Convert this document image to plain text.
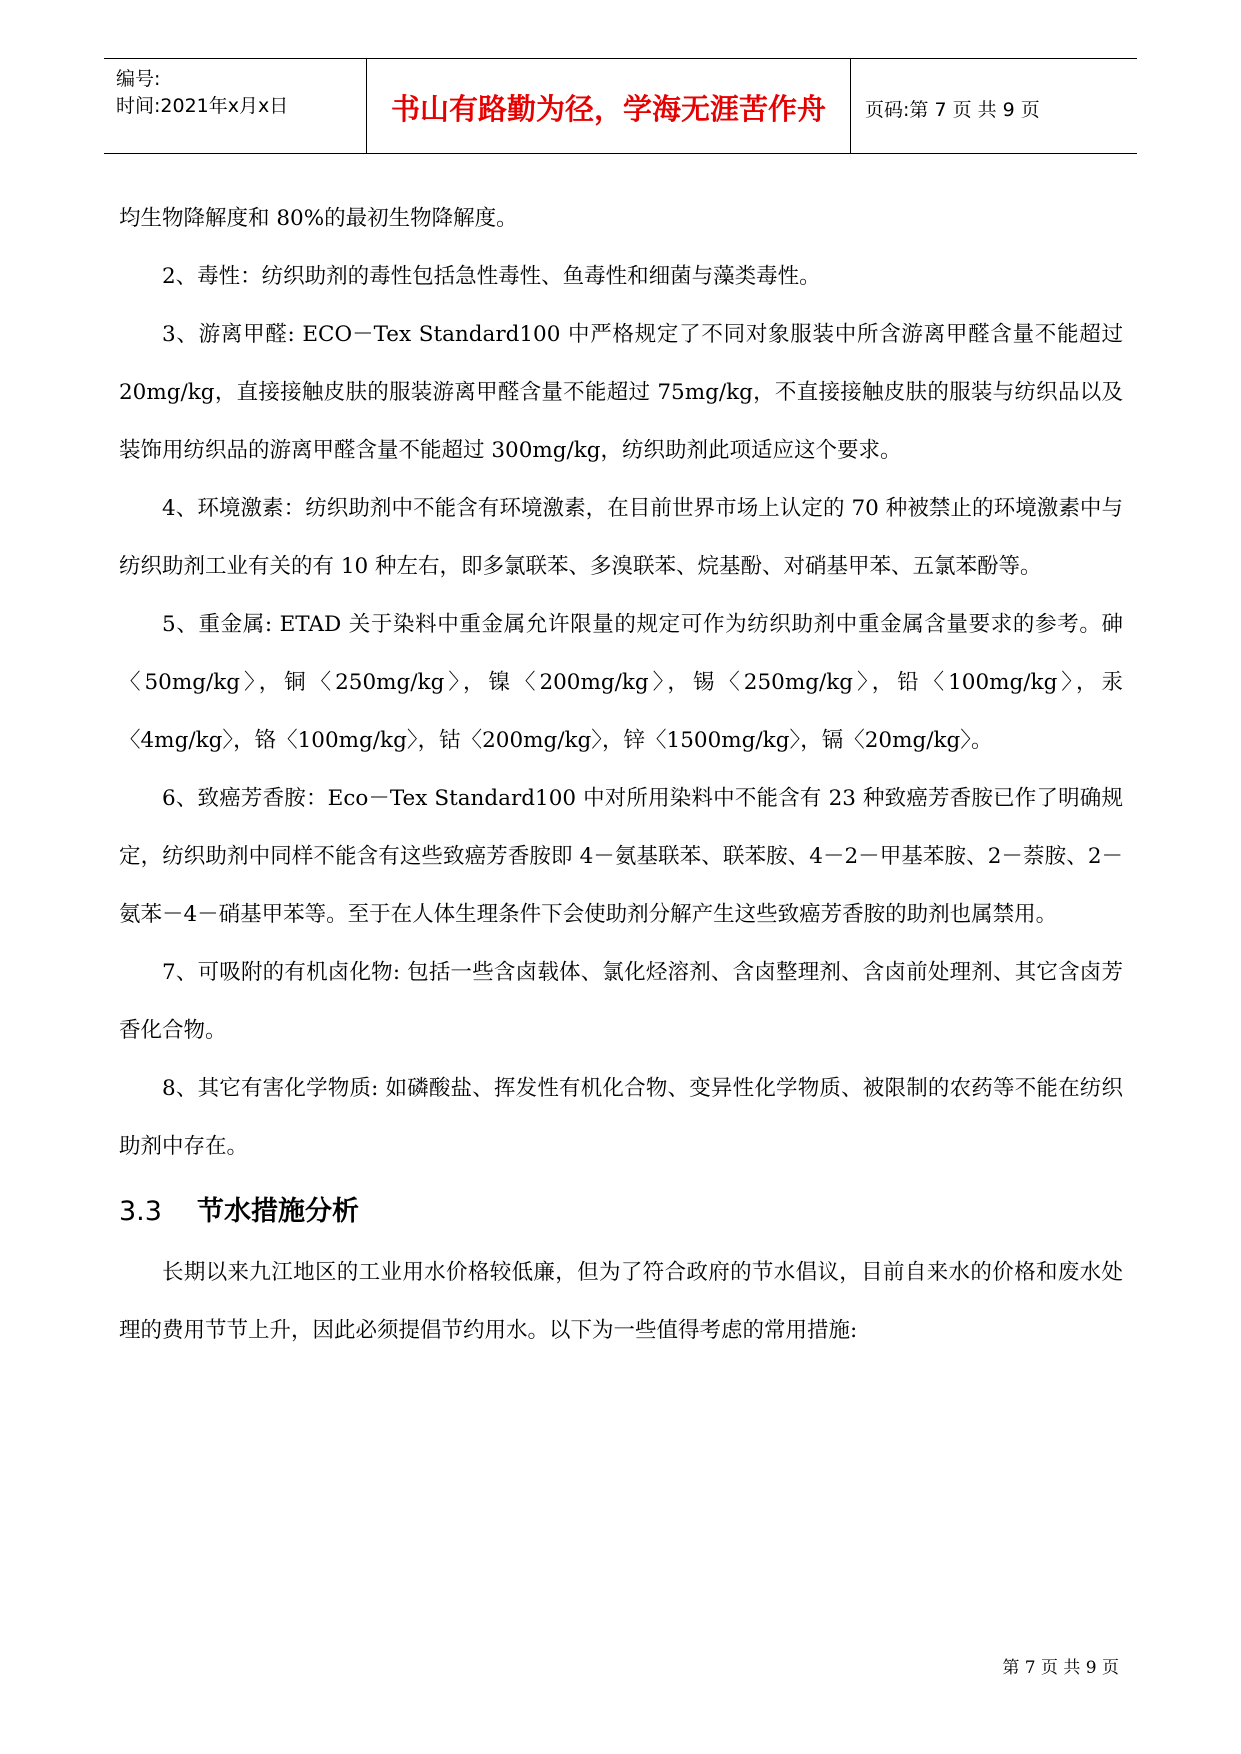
编号:
时间:2021年x月x日	书山有路勤为径，学海无涯苦作舟	页码:第 7 页 共 9 页

均生物降解度和 80%的最初生物降解度。

2、毒性：纺织助剂的毒性包括急性毒性、鱼毒性和细菌与藻类毒性。

3、游离甲醛: ECO－Tex Standard100 中严格规定了不同对象服装中所含游离甲醛含量不能超过 20mg/kg，直接接触皮肤的服装游离甲醛含量不能超过 75mg/kg，不直接接触皮肤的服装与纺织品以及装饰用纺织品的游离甲醛含量不能超过 300mg/kg，纺织助剂此项适应这个要求。

4、环境激素：纺织助剂中不能含有环境激素，在目前世界市场上认定的 70 种被禁止的环境激素中与纺织助剂工业有关的有 10 种左右，即多氯联苯、多溴联苯、烷基酚、对硝基甲苯、五氯苯酚等。

5、重金属: ETAD 关于染料中重金属允许限量的规定可作为纺织助剂中重金属含量要求的参考。砷〈50mg/kg〉，铜〈250mg/kg〉，镍〈200mg/kg〉，锡〈250mg/kg〉，铅〈100mg/kg〉，汞〈4mg/kg〉，铬〈100mg/kg〉，钴〈200mg/kg〉，锌〈1500mg/kg〉，镉〈20mg/kg〉。

6、致癌芳香胺：Eco－Tex Standard100 中对所用染料中不能含有 23 种致癌芳香胺已作了明确规定，纺织助剂中同样不能含有这些致癌芳香胺即 4－氨基联苯、联苯胺、4－2－甲基苯胺、2－萘胺、2－氨苯－4－硝基甲苯等。至于在人体生理条件下会使助剂分解产生这些致癌芳香胺的助剂也属禁用。

7、可吸附的有机卤化物: 包括一些含卤载体、氯化烃溶剂、含卤整理剂、含卤前处理剂、其它含卤芳香化合物。

8、其它有害化学物质: 如磷酸盐、挥发性有机化合物、变异性化学物质、被限制的农药等不能在纺织助剂中存在。

3.3 节水措施分析

长期以来九江地区的工业用水价格较低廉，但为了符合政府的节水倡议，目前自来水的价格和废水处理的费用节节上升，因此必须提倡节约用水。以下为一些值得考虑的常用措施:

第 7 页 共 9 页
